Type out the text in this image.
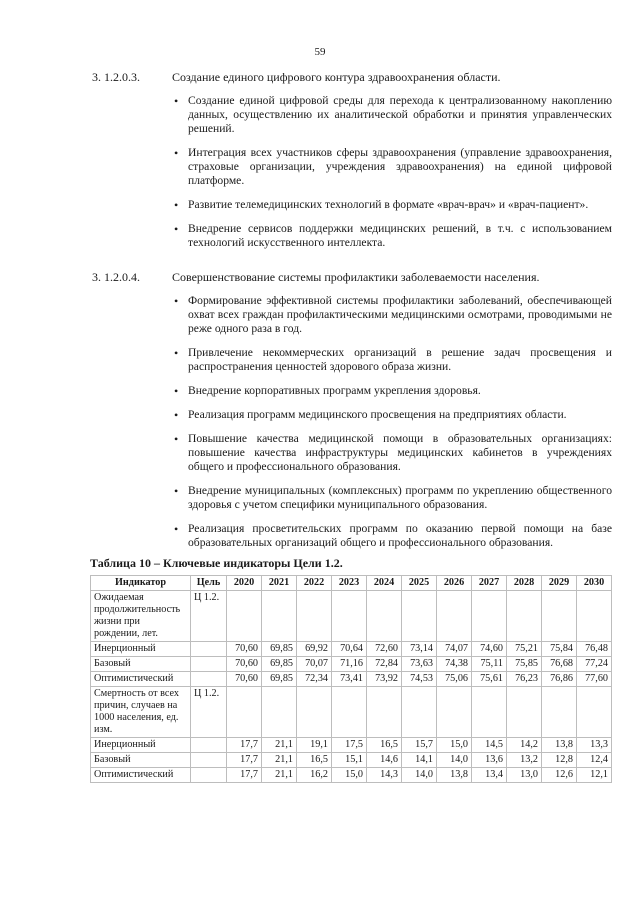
59
3. 1.2.0.3.	Создание единого цифрового контура здравоохранения области.
• Создание единой цифровой среды для перехода к централизованному накоплению данных, осуществлению их аналитической обработки и принятия управленческих решений.
• Интеграция всех участников сферы здравоохранения (управление здравоохранения, страховые организации, учреждения здравоохранения) на единой цифровой платформе.
• Развитие телемедицинских технологий в формате «врач-врач» и «врач-пациент».
• Внедрение сервисов поддержки медицинских решений, в т.ч. с использованием технологий искусственного интеллекта.
3. 1.2.0.4.	Совершенствование системы профилактики заболеваемости населения.
• Формирование эффективной системы профилактики заболеваний, обеспечивающей охват всех граждан профилактическими медицинскими осмотрами, проводимыми не реже одного раза в год.
• Привлечение некоммерческих организаций в решение задач просвещения и распространения ценностей здорового образа жизни.
• Внедрение корпоративных программ укрепления здоровья.
• Реализация программ медицинского просвещения на предприятиях области.
• Повышение качества медицинской помощи в образовательных организациях: повышение качества инфраструктуры медицинских кабинетов в учреждениях общего и профессионального образования.
• Внедрение муниципальных (комплексных) программ по укреплению общественного здоровья с учетом специфики муниципального образования.
• Реализация просветительских программ по оказанию первой помощи на базе образовательных организаций общего и профессионального образования.
Таблица 10 – Ключевые индикаторы Цели 1.2.
Индикатор	Цель	2020	2021	2022	2023	2024	2025	2026	2027	2028	2029	2030
Ожидаемая продолжительность жизни при рождении, лет.	Ц 1.2.											
Инерционный		70,60	69,85	69,92	70,64	72,60	73,14	74,07	74,60	75,21	75,84	76,48
Базовый		70,60	69,85	70,07	71,16	72,84	73,63	74,38	75,11	75,85	76,68	77,24
Оптимистический		70,60	69,85	72,34	73,41	73,92	74,53	75,06	75,61	76,23	76,86	77,60
Смертность от всех причин, случаев на 1000 населения, ед. изм.	Ц 1.2.											
Инерционный		17,7	21,1	19,1	17,5	16,5	15,7	15,0	14,5	14,2	13,8	13,3
Базовый		17,7	21,1	16,5	15,1	14,6	14,1	14,0	13,6	13,2	12,8	12,4
Оптимистический		17,7	21,1	16,2	15,0	14,3	14,0	13,8	13,4	13,0	12,6	12,1
